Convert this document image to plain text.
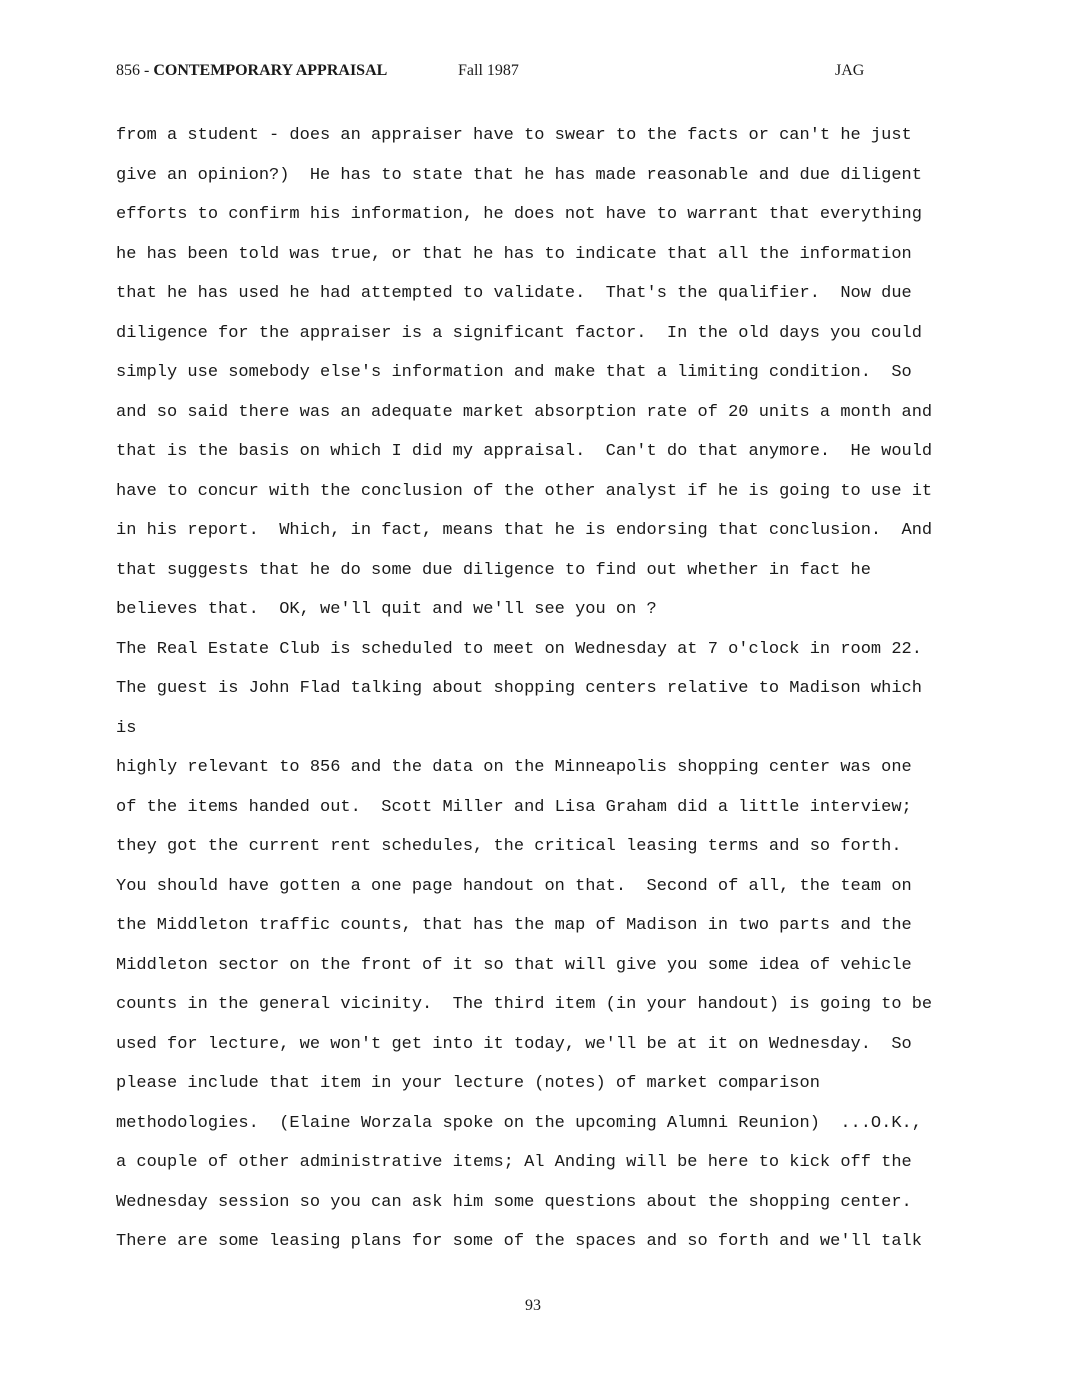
856 - CONTEMPORARY APPRAISAL	Fall 1987	JAG
from a student - does an appraiser have to swear to the facts or can't he just
give an opinion?)  He has to state that he has made reasonable and due diligent
efforts to confirm his information, he does not have to warrant that everything
he has been told was true, or that he has to indicate that all the information
that he has used he had attempted to validate.  That's the qualifier.  Now due
diligence for the appraiser is a significant factor.  In the old days you could
simply use somebody else's information and make that a limiting condition.  So
and so said there was an adequate market absorption rate of 20 units a month and
that is the basis on which I did my appraisal.  Can't do that anymore.  He would
have to concur with the conclusion of the other analyst if he is going to use it
in his report.  Which, in fact, means that he is endorsing that conclusion.  And
that suggests that he do some due diligence to find out whether in fact he
believes that.  OK, we'll quit and we'll see you on ?
The Real Estate Club is scheduled to meet on Wednesday at 7 o'clock in room 22.
The guest is John Flad talking about shopping centers relative to Madison which
is
highly relevant to 856 and the data on the Minneapolis shopping center was one
of the items handed out.  Scott Miller and Lisa Graham did a little interview;
they got the current rent schedules, the critical leasing terms and so forth.
You should have gotten a one page handout on that.  Second of all, the team on
the Middleton traffic counts, that has the map of Madison in two parts and the
Middleton sector on the front of it so that will give you some idea of vehicle
counts in the general vicinity.  The third item (in your handout) is going to be
used for lecture, we won't get into it today, we'll be at it on Wednesday.  So
please include that item in your lecture (notes) of market comparison
methodologies.  (Elaine Worzala spoke on the upcoming Alumni Reunion)  ...O.K.,
a couple of other administrative items; Al Anding will be here to kick off the
Wednesday session so you can ask him some questions about the shopping center.
There are some leasing plans for some of the spaces and so forth and we'll talk
93
